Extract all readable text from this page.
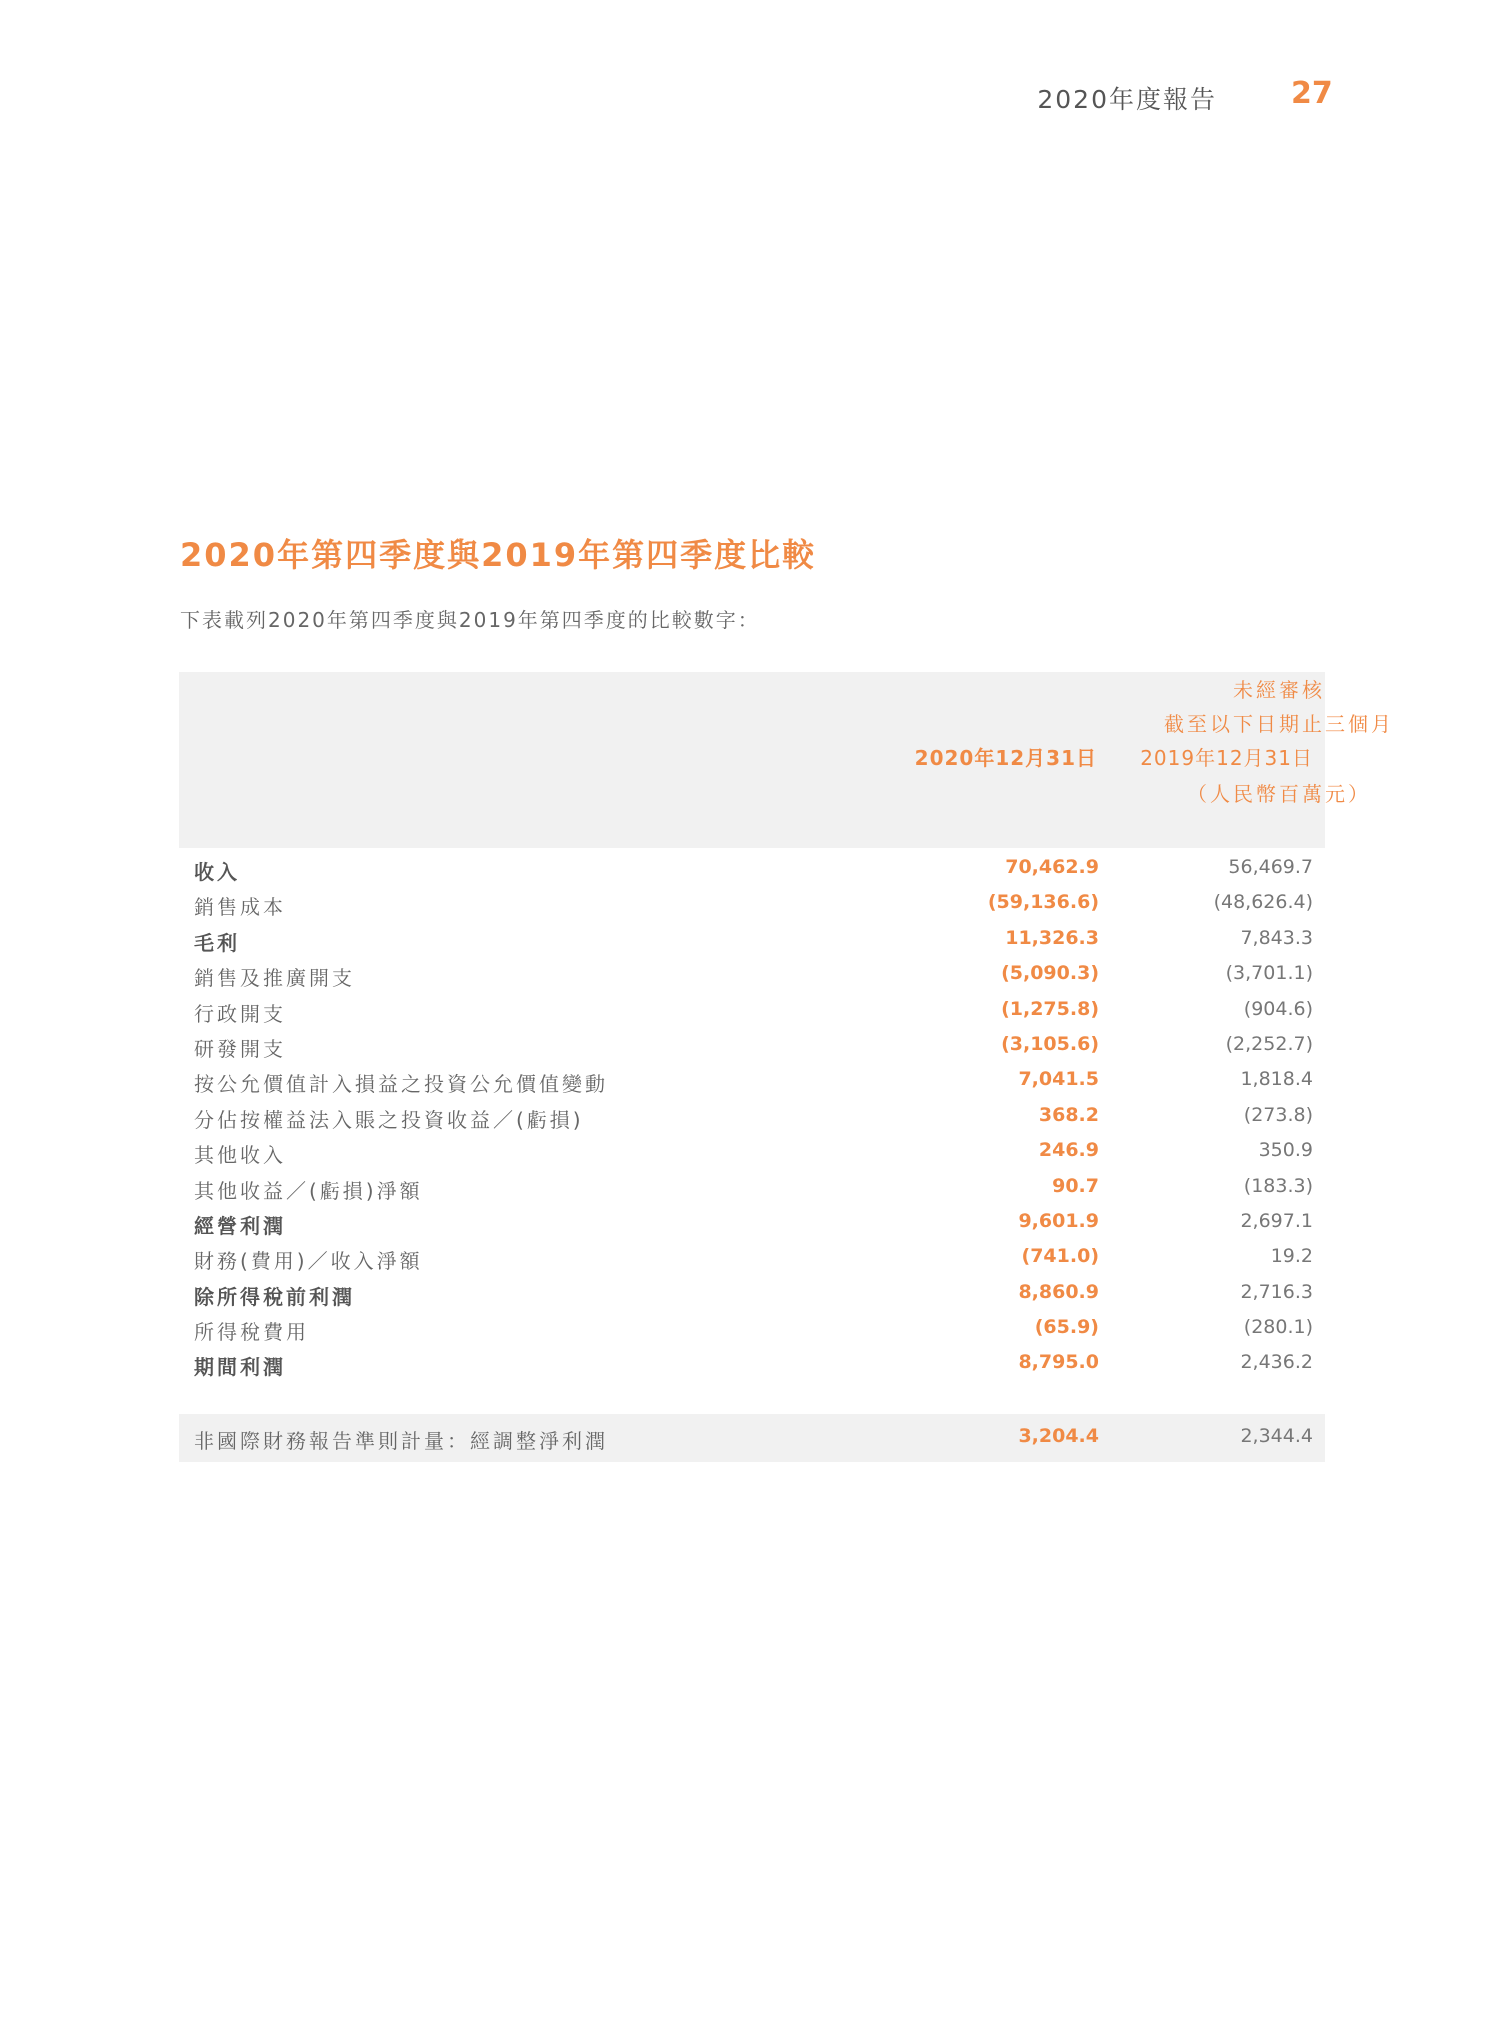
2020年度報告 27
2020年第四季度與2019年第四季度比較
下表載列2020年第四季度與2019年第四季度的比較數字：
未經審核
截至以下日期止三個月
2020年12月31日 2019年12月31日
（人民幣百萬元）
收入	70,462.9	56,469.7
銷售成本	(59,136.6)	(48,626.4)
毛利	11,326.3	7,843.3
銷售及推廣開支	(5,090.3)	(3,701.1)
行政開支	(1,275.8)	(904.6)
研發開支	(3,105.6)	(2,252.7)
按公允價值計入損益之投資公允價值變動	7,041.5	1,818.4
分佔按權益法入賬之投資收益／(虧損)	368.2	(273.8)
其他收入	246.9	350.9
其他收益／(虧損)淨額	90.7	(183.3)
經營利潤	9,601.9	2,697.1
財務(費用)／收入淨額	(741.0)	19.2
除所得稅前利潤	8,860.9	2,716.3
所得稅費用	(65.9)	(280.1)
期間利潤	8,795.0	2,436.2
非國際財務報告準則計量：經調整淨利潤	3,204.4	2,344.4
